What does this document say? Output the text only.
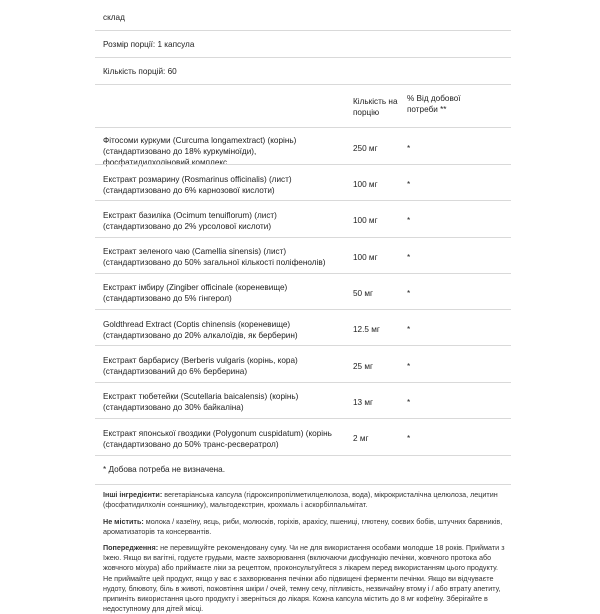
склад
Розмір порції: 1 капсула
Кількість порцій: 60
Кількість на порцію
% Від добової потреби **
Фітосоми куркуми (Curcuma longamextract) (корінь) (стандартизовано до 18% куркуміноїди), фосфатидилхоліновий комплекс
250 мг	*
Екстракт розмарину (Rosmarinus officinalis) (лист) (стандартизовано до 6% карнозової кислоти)
100 мг	*
Екстракт базиліка (Ocimum tenuiflorum) (лист) (стандартизовано до 2% урсолової кислоти)
100 мг	*
Екстракт зеленого чаю (Camellia sinensis) (лист) (стандартизовано до 50% загальної кількості поліфенолів)
100 мг	*
Екстракт імбиру (Zingiber officinale (кореневище) (стандартизовано до 5% гінгерол)
50 мг	*
Goldthread Extract (Coptis chinensis (кореневище) (стандартизовано до 20% алкалоїдів, як берберин)
12.5 мг	*
Екстракт барбарису (Berberis vulgaris (корінь, кора) (стандартизований до 6% берберина)
25 мг	*
Екстракт тюбетейки (Scutellaria baicalensis) (корінь) (стандартизовано до 30% байкаліна)
13 мг	*
Екстракт японської гвоздики (Polygonum cuspidatum) (корінь (стандартизовано до 50% транс-ресвератрол)
2 мг	*
* Добова потреба не визначена.
Інші інгредієнти: вегетаріанська капсула (гідроксипропілметилцелюлоза, вода), мікрокристалічна целюлоза, лецитин (фосфатидилхолін соняшнику), мальтодекстрин, крохмаль і аскорбілпальмітат.
Не містить: молока / казеїну, яєць, риби, молюсків, горіхів, арахісу, пшениці, глютену, соєвих бобів, штучних барвників, ароматизаторів та консервантів.
Попередження: не перевищуйте рекомендовану суму. Чи не для використання особами молодше 18 років. Приймати з їжею. Якщо ви вагітні, годуєте грудьми, маєте захворювання (включаючи дисфункцію печінки, жовчного протока або жовчного міхура) або приймаєте ліки за рецептом, проконсультуйтеся з лікарем перед використанням цього продукту. Не приймайте цей продукт, якщо у вас є захворювання печінки або підвищені ферменти печінки. Якщо ви відчуваєте нудоту, блювоту, біль в животі, пожовтіння шкіри / очей, темну сечу, пітливість, незвичайну втому і / або втрату апетиту, припиніть використання цього продукту і зверніться до лікаря. Кожна капсула містить до 8 мг кофеїну. Зберігайте в недоступному для дітей місці.
